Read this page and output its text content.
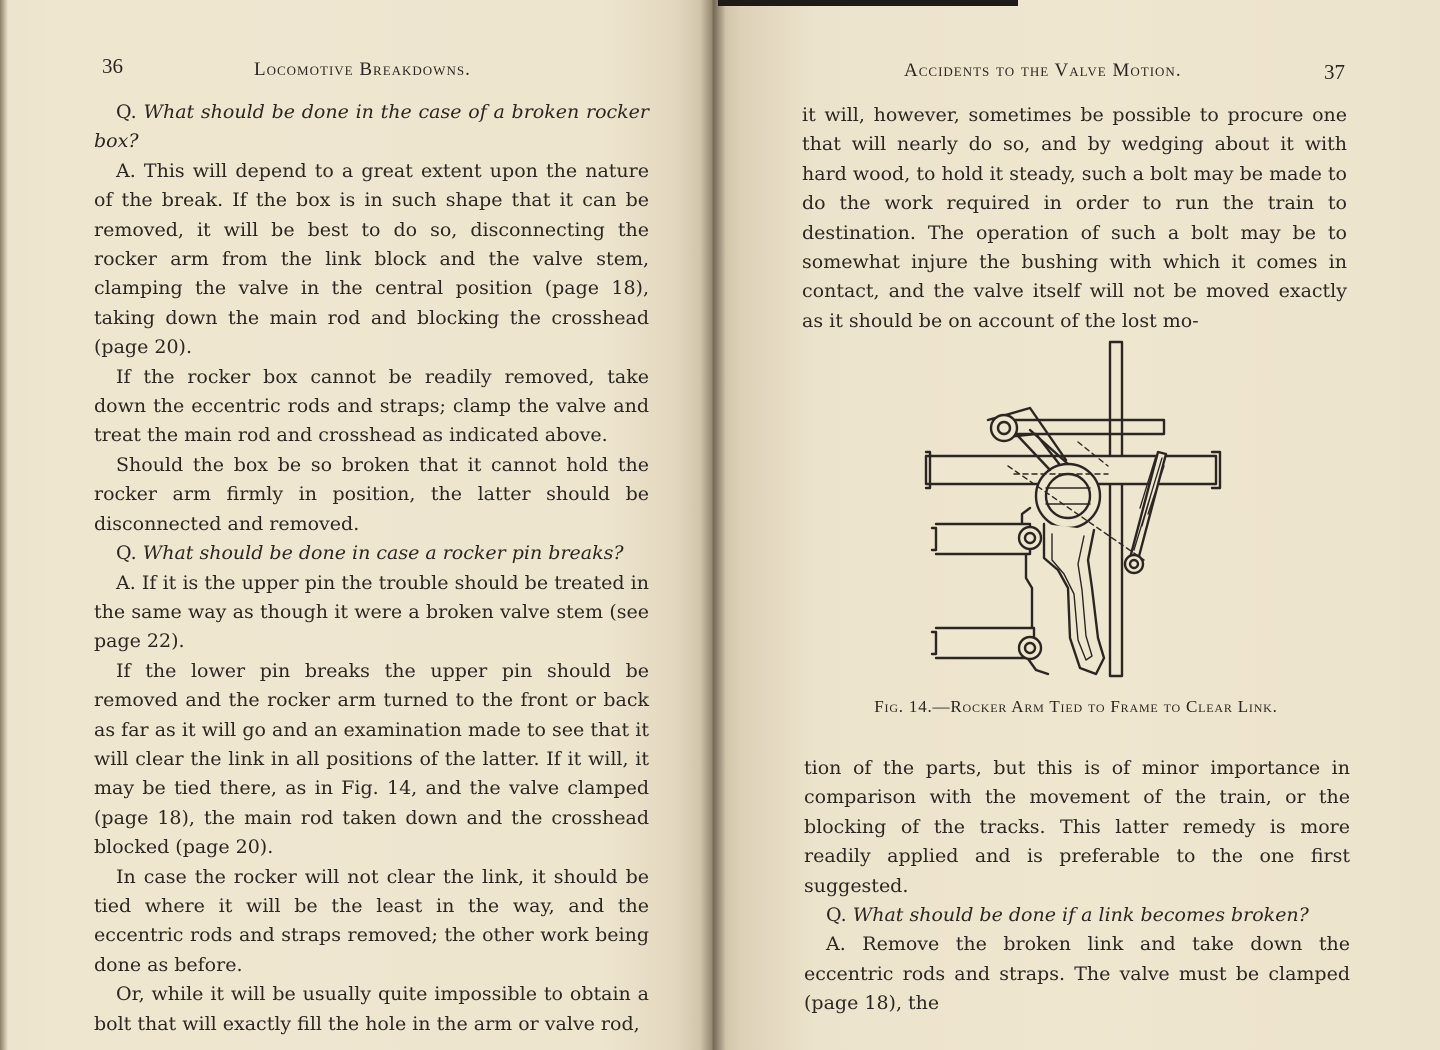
36	Locomotive Breakdowns.

Q. What should be done in the case of a broken rocker box?

A. This will depend to a great extent upon the nature of the break. If the box is in such shape that it can be removed, it will be best to do so, disconnecting the rocker arm from the link block and the valve stem, clamping the valve in the central position (page 18), taking down the main rod and blocking the crosshead (page 20).

If the rocker box cannot be readily removed, take down the eccentric rods and straps; clamp the valve and treat the main rod and crosshead as indicated above.

Should the box be so broken that it cannot hold the rocker arm firmly in position, the latter should be disconnected and removed.

Q. What should be done in case a rocker pin breaks?

A. If it is the upper pin the trouble should be treated in the same way as though it were a broken valve stem (see page 22).

If the lower pin breaks the upper pin should be removed and the rocker arm turned to the front or back as far as it will go and an examination made to see that it will clear the link in all positions of the latter. If it will, it may be tied there, as in Fig. 14, and the valve clamped (page 18), the main rod taken down and the crosshead blocked (page 20).

In case the rocker will not clear the link, it should be tied where it will be the least in the way, and the eccentric rods and straps removed; the other work being done as before.

Or, while it will be usually quite impossible to obtain a bolt that will exactly fill the hole in the arm or valve rod,

Accidents to the Valve Motion.	37

it will, however, sometimes be possible to procure one that will nearly do so, and by wedging about it with hard wood, to hold it steady, such a bolt may be made to do the work required in order to run the train to destination. The operation of such a bolt may be to somewhat injure the bushing with which it comes in contact, and the valve itself will not be moved exactly as it should be on account of the lost mo-

Fig. 14.—Rocker Arm Tied to Frame to Clear Link.

tion of the parts, but this is of minor importance in comparison with the movement of the train, or the blocking of the tracks. This latter remedy is more readily applied and is preferable to the one first suggested.

Q. What should be done if a link becomes broken?

A. Remove the broken link and take down the eccentric rods and straps. The valve must be clamped (page 18), the
